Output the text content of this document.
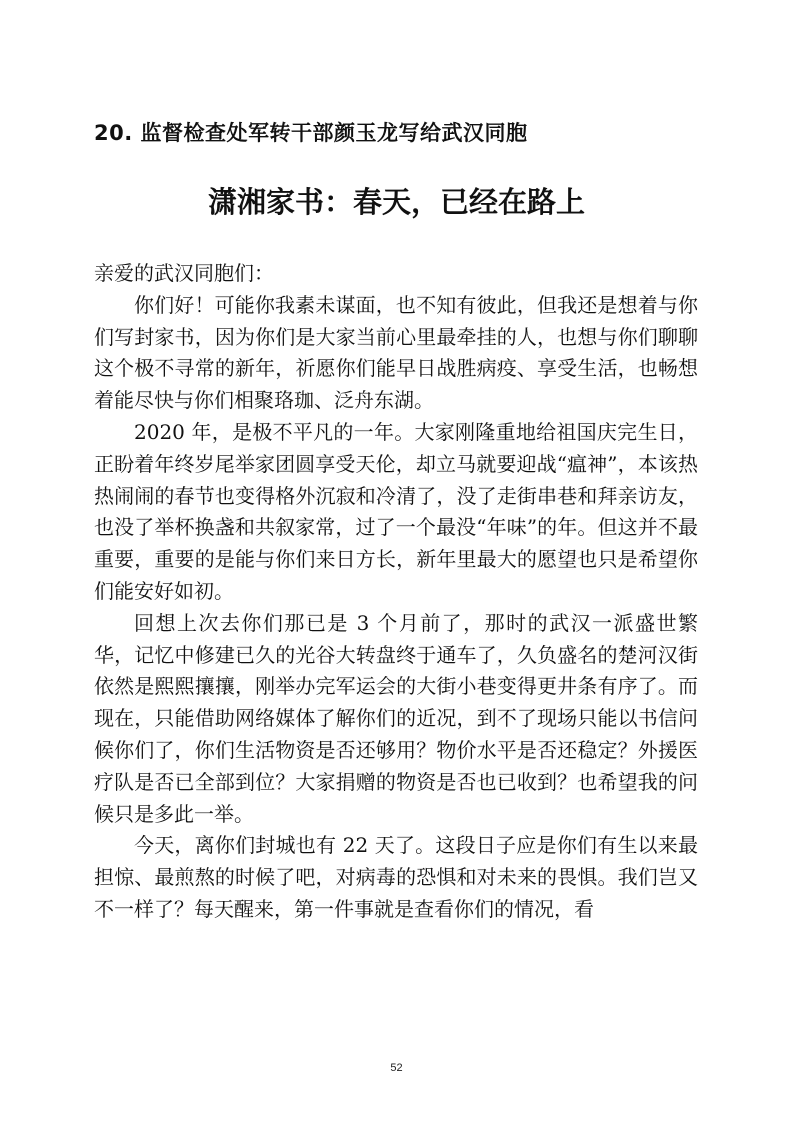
20. 监督检查处军转干部颜玉龙写给武汉同胞
潇湘家书：春天，已经在路上

亲爱的武汉同胞们：

你们好！可能你我素未谋面，也不知有彼此，但我还是想着与你们写封家书，因为你们是大家当前心里最牵挂的人，也想与你们聊聊这个极不寻常的新年，祈愿你们能早日战胜病疫、享受生活，也畅想着能尽快与你们相聚珞珈、泛舟东湖。

2020 年，是极不平凡的一年。大家刚隆重地给祖国庆完生日，正盼着年终岁尾举家团圆享受天伦，却立马就要迎战“瘟神”，本该热热闹闹的春节也变得格外沉寂和冷清了，没了走街串巷和拜亲访友，也没了举杯换盏和共叙家常，过了一个最没“年味”的年。但这并不最重要，重要的是能与你们来日方长，新年里最大的愿望也只是希望你们能安好如初。

回想上次去你们那已是 3 个月前了，那时的武汉一派盛世繁华，记忆中修建已久的光谷大转盘终于通车了，久负盛名的楚河汉街依然是熙熙攘攘，刚举办完军运会的大街小巷变得更井条有序了。而现在，只能借助网络媒体了解你们的近况，到不了现场只能以书信问候你们了，你们生活物资是否还够用？物价水平是否还稳定？外援医疗队是否已全部到位？大家捐赠的物资是否也已收到？也希望我的问候只是多此一举。

今天，离你们封城也有 22 天了。这段日子应是你们有生以来最担惊、最煎熬的时候了吧，对病毒的恐惧和对未来的畏惧。我们岂又不一样了？每天醒来，第一件事就是查看你们的情况，看

52
